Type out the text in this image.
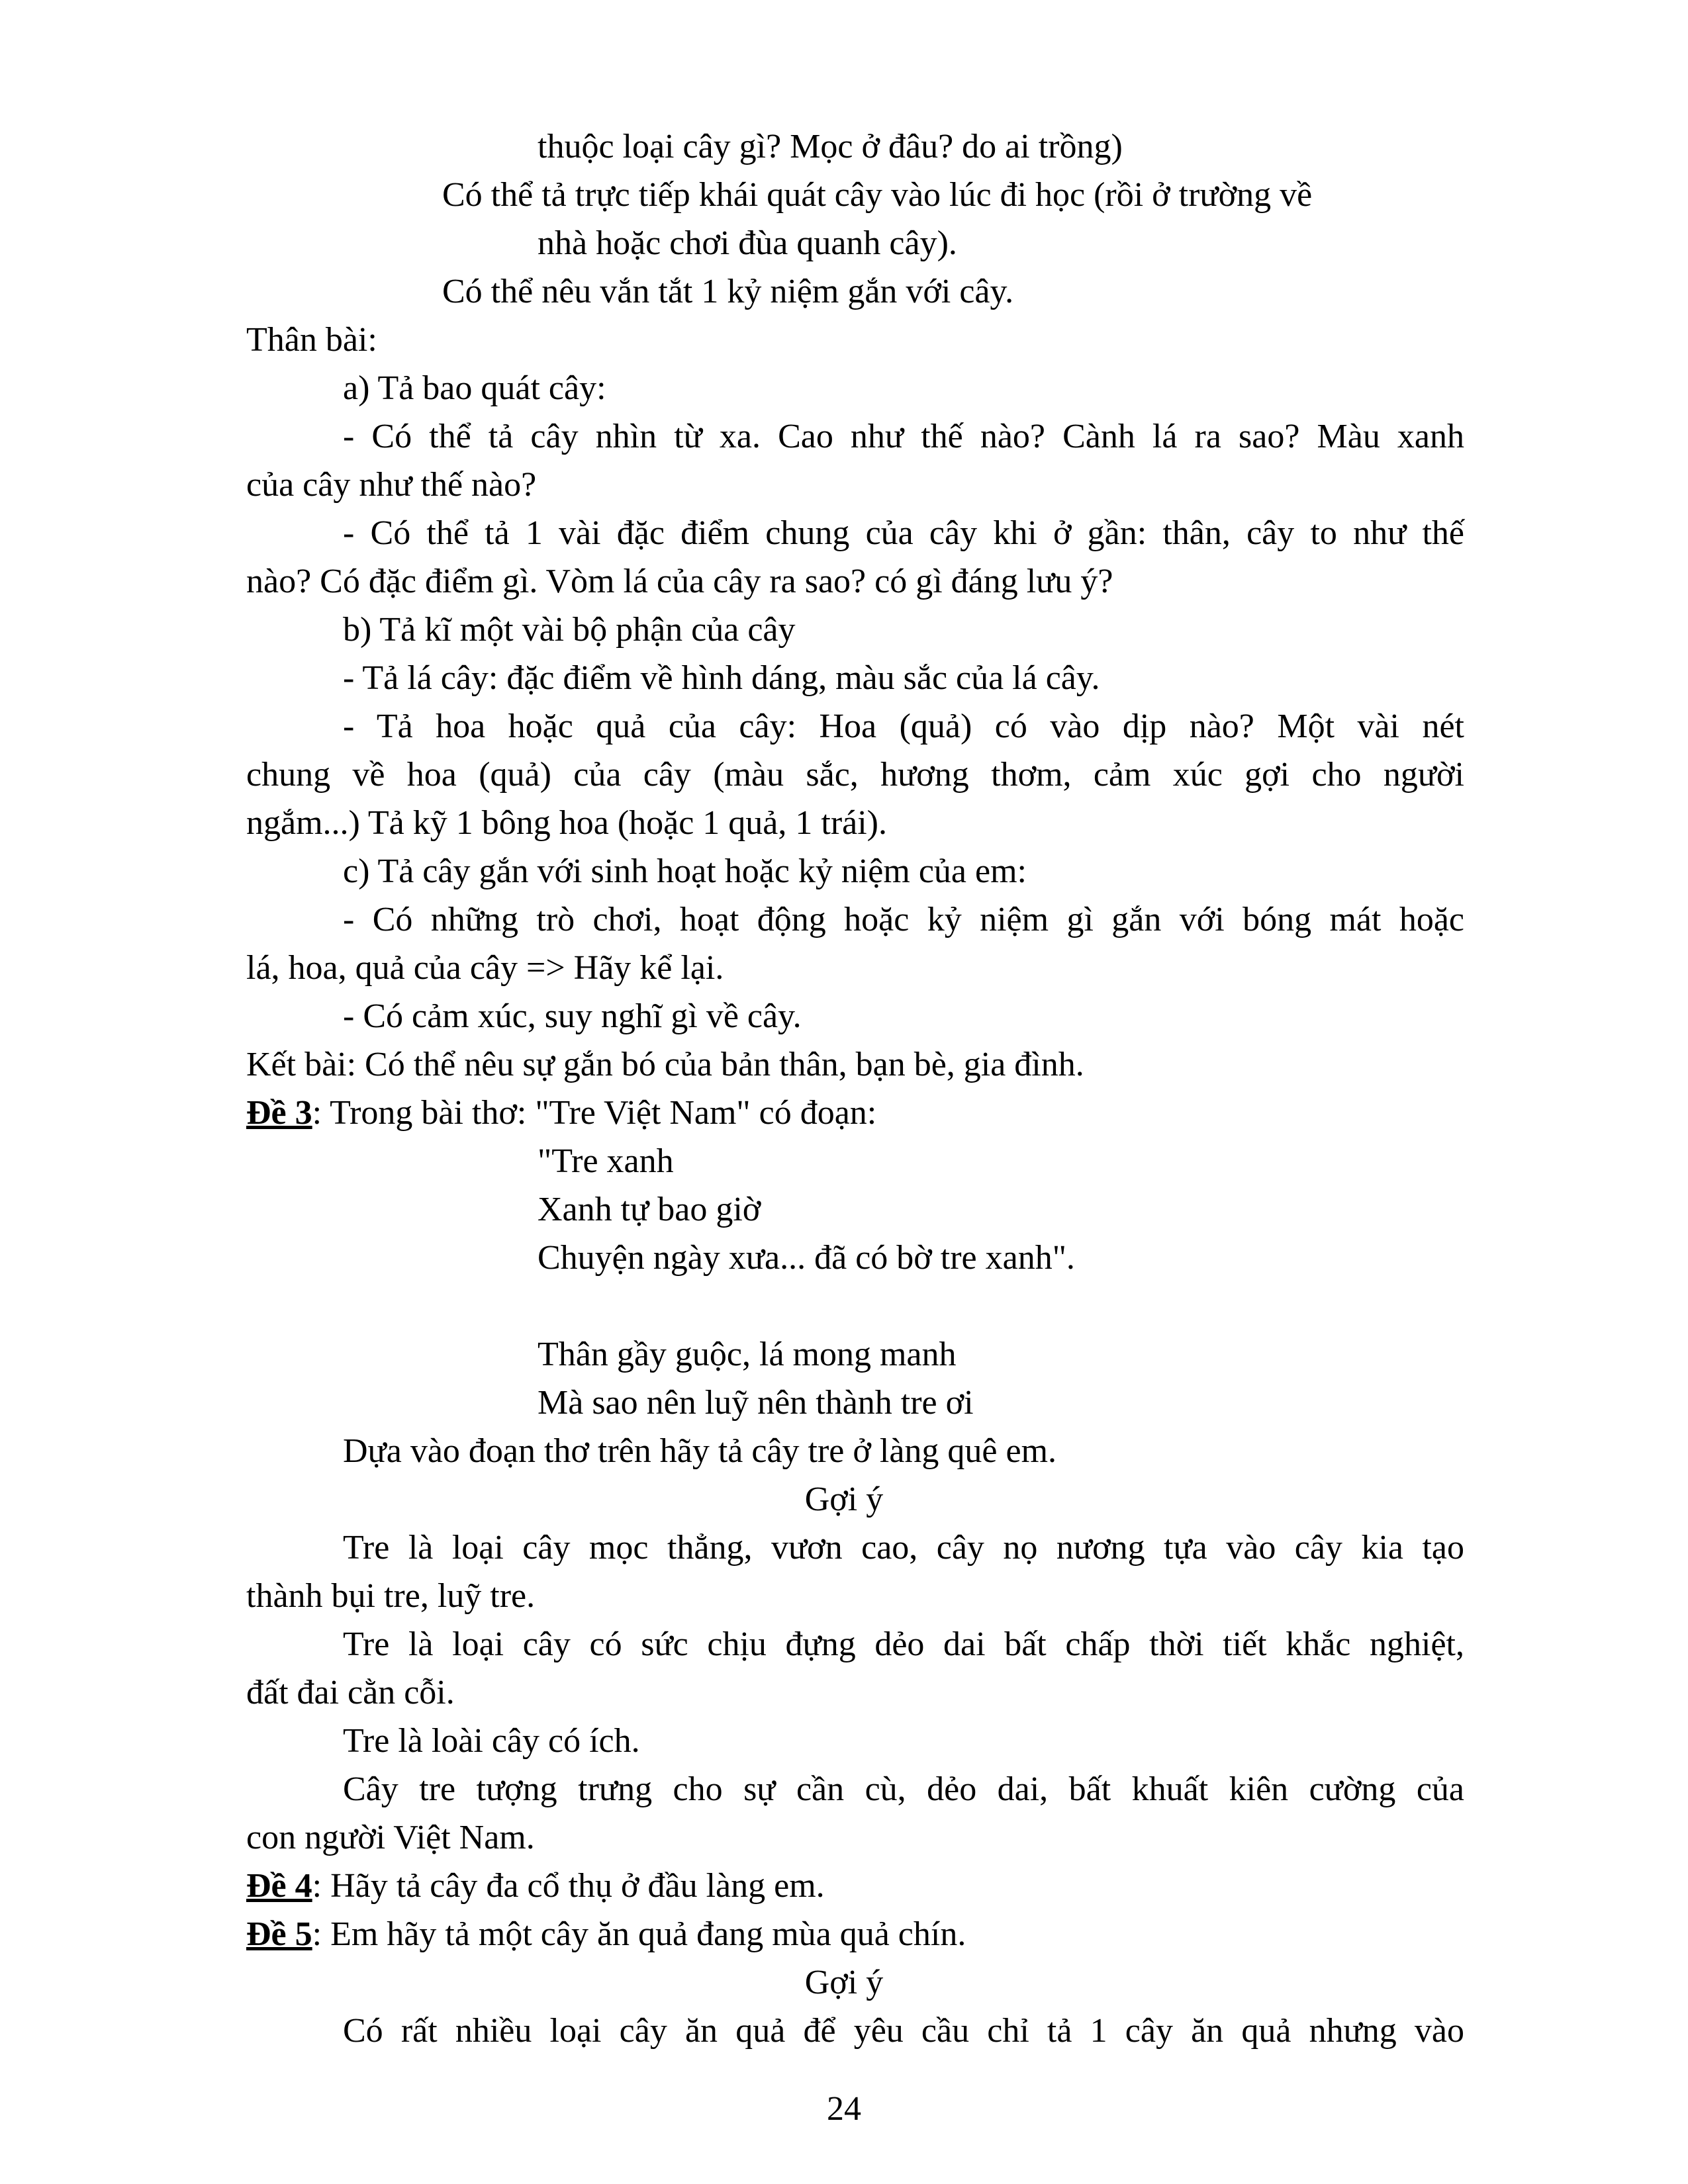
thuộc loại cây gì? Mọc ở đâu? do ai trồng)
Có thể tả trực tiếp khái quát cây vào lúc đi học (rồi ở trường về
nhà hoặc chơi đùa quanh cây).
Có thể nêu vắn tắt 1 kỷ niệm gắn với cây.
Thân bài:
a) Tả bao quát cây:
- Có thể tả cây nhìn từ xa. Cao như thế nào? Cành lá ra sao? Màu xanh
của cây như thế nào?
- Có thể tả 1 vài đặc điểm chung của cây khi ở gần: thân, cây to như thế
nào? Có đặc điểm gì. Vòm lá của cây ra sao? có gì đáng lưu ý?
b) Tả kĩ một vài bộ phận của cây
- Tả lá cây: đặc điểm về hình dáng, màu sắc của lá cây.
- Tả hoa hoặc quả của cây: Hoa (quả) có vào dịp nào? Một vài nét
chung về hoa (quả) của cây (màu sắc, hương thơm, cảm xúc gợi cho người
ngắm...) Tả kỹ 1 bông hoa (hoặc 1 quả, 1 trái).
c) Tả cây gắn với sinh hoạt hoặc kỷ niệm của em:
- Có những trò chơi, hoạt động hoặc kỷ niệm gì gắn với bóng mát hoặc
lá, hoa, quả của cây => Hãy kể lại.
- Có cảm xúc, suy nghĩ gì về cây.
Kết bài: Có thể nêu sự gắn bó của bản thân, bạn bè, gia đình.
Đề 3: Trong bài thơ: "Tre Việt Nam" có đoạn:
"Tre xanh
Xanh tự bao giờ
Chuyện ngày xưa... đã có bờ tre xanh".
Thân gầy guộc, lá mong manh
Mà sao nên luỹ nên thành tre ơi
Dựa vào đoạn thơ trên hãy tả cây tre ở làng quê em.
Gợi ý
Tre là loại cây mọc thẳng, vươn cao, cây nọ nương tựa vào cây kia tạo
thành bụi tre, luỹ tre.
Tre là loại cây có sức chịu đựng dẻo dai bất chấp thời tiết khắc nghiệt,
đất đai cằn cỗi.
Tre là loài cây có ích.
Cây tre tượng trưng cho sự cần cù, dẻo dai, bất khuất kiên cường của
con người Việt Nam.
Đề 4: Hãy tả cây đa cổ thụ ở đầu làng em.
Đề 5: Em hãy tả một cây ăn quả đang mùa quả chín.
Gợi ý
Có rất nhiều loại cây ăn quả để yêu cầu chỉ tả 1 cây ăn quả nhưng vào
24
